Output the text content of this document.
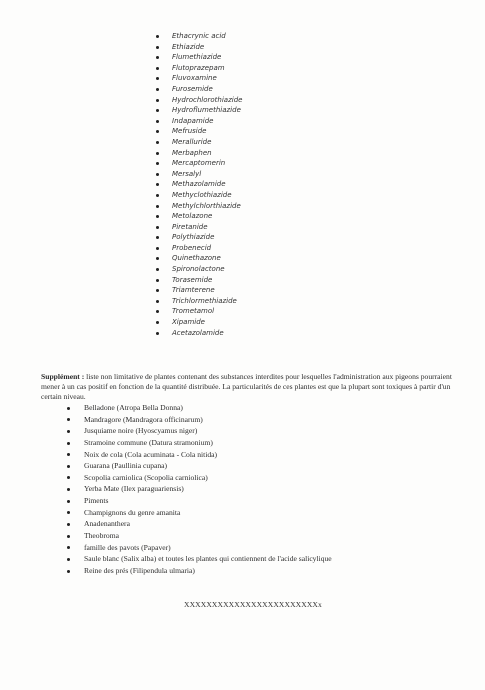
Ethacrynic acid
Ethiazide
Flumethiazide
Flutoprazepam
Fluvoxamine
Furosemide
Hydrochlorothiazide
Hydroflumethiazide
Indapamide
Mefruside
Meralluride
Merbaphen
Mercaptomerin
Mersalyl
Methazolamide
Methyclothiazide
Methylchlorthiazide
Metolazone
Piretanide
Polythiazide
Probenecid
Quinethazone
Spironolactone
Torasemide
Triamterene
Trichlormethiazide
Trometamol
Xipamide
Acetazolamide

Supplément : liste non limitative de plantes contenant des substances interdites pour lesquelles l'administration aux pigeons pourraient mener à un cas positif en fonction de la quantité distribuée. La particularités de ces plantes est que la plupart sont toxiques à partir d'un certain niveau.

Belladone (Atropa Bella Donna)
Mandragore (Mandragora officinarum)
Jusquiame noire (Hyoscyamus niger)
Stramoine commune (Datura stramonium)
Noix de cola (Cola acuminata - Cola nitida)
Guarana (Paullinia cupana)
Scopolia carniolica (Scopolia carniolica)
Yerba Mate (Ilex paraguariensis)
Piments
Champignons du genre amanita
Anadenanthera
Theobroma
famille des pavots (Papaver)
Saule blanc (Salix alba) et toutes les plantes qui contiennent de l'acide salicylique
Reine des prés (Filipendula ulmaria)

XXXXXXXXXXXXXXXXXXXXXXXXx
